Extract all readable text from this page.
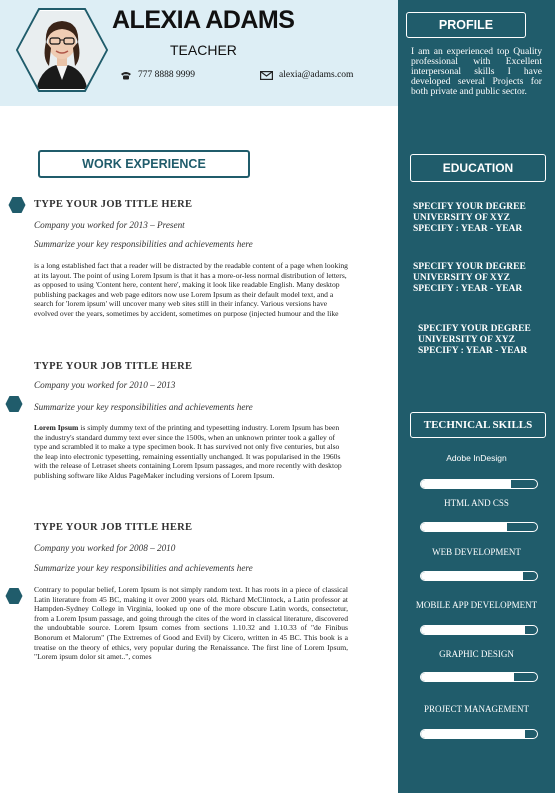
ALEXIA ADAMS
TEACHER
777 8888 9999	alexia@adams.com
WORK EXPERIENCE
TYPE YOUR JOB TITLE HERE
Company you worked for 2013 – Present
Summarize your key responsibilities and achievements here
is a long established fact that a reader will be distracted by the readable content of a page when looking at its layout. The point of using Lorem Ipsum is that it has a more-or-less normal distribution of letters, as opposed to using 'Content here, content here', making it look like readable English. Many desktop publishing packages and web page editors now use Lorem Ipsum as their default model text, and a search for 'lorem ipsum' will uncover many web sites still in their infancy. Various versions have evolved over the years, sometimes by accident, sometimes on purpose (injected humour and the like
TYPE YOUR JOB TITLE HERE
Company you worked for 2010 – 2013
Summarize your key responsibilities and achievements here
Lorem Ipsum is simply dummy text of the printing and typesetting industry. Lorem Ipsum has been the industry's standard dummy text ever since the 1500s, when an unknown printer took a galley of type and scrambled it to make a type specimen book. It has survived not only five centuries, but also the leap into electronic typesetting, remaining essentially unchanged. It was popularised in the 1960s with the release of Letraset sheets containing Lorem Ipsum passages, and more recently with desktop publishing software like Aldus PageMaker including versions of Lorem Ipsum.
TYPE YOUR JOB TITLE HERE
Company you worked for 2008 – 2010
Summarize your key responsibilities and achievements here
Contrary to popular belief, Lorem Ipsum is not simply random text. It has roots in a piece of classical Latin literature from 45 BC, making it over 2000 years old. Richard McClintock, a Latin professor at Hampden-Sydney College in Virginia, looked up one of the more obscure Latin words, consectetur, from a Lorem Ipsum passage, and going through the cites of the word in classical literature, discovered the undoubtable source. Lorem Ipsum comes from sections 1.10.32 and 1.10.33 of "de Finibus Bonorum et Malorum" (The Extremes of Good and Evil) by Cicero, written in 45 BC. This book is a treatise on the theory of ethics, very popular during the Renaissance. The first line of Lorem Ipsum, "Lorem ipsum dolor sit amet..", comes
PROFILE
I am an experienced top Quality professional with Excellent interpersonal skills I have developed several Projects for both private and public sector.
EDUCATION
SPECIFY YOUR DEGREE
UNIVERSITY OF XYZ
SPECIFY : YEAR - YEAR
SPECIFY YOUR DEGREE
UNIVERSITY OF XYZ
SPECIFY : YEAR - YEAR
SPECIFY YOUR DEGREE
UNIVERSITY OF XYZ
SPECIFY : YEAR - YEAR
TECHNICAL SKILLS
Adobe InDesign
HTML AND CSS
WEB DEVELOPMENT
MOBILE APP DEVELOPMENT
GRAPHIC DESIGN
PROJECT MANAGEMENT
